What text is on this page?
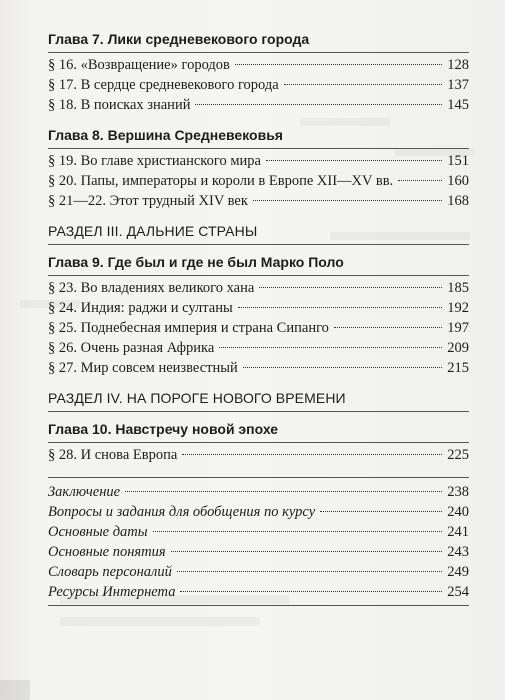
Глава 7. Лики средневекового города
§ 16. «Возвращение» городов	128
§ 17. В сердце средневекового города	137
§ 18. В поисках знаний	145
Глава 8. Вершина Средневековья
§ 19. Во главе христианского мира	151
§ 20. Папы, императоры и короли в Европе XII—XV вв.	160
§ 21—22. Этот трудный XIV век	168
РАЗДЕЛ III. ДАЛЬНИЕ СТРАНЫ
Глава 9. Где был и где не был Марко Поло
§ 23. Во владениях великого хана	185
§ 24. Индия: раджи и султаны	192
§ 25. Поднебесная империя и страна Сипанго	197
§ 26. Очень разная Африка	209
§ 27. Мир совсем неизвестный	215
РАЗДЕЛ IV. НА ПОРОГЕ НОВОГО ВРЕМЕНИ
Глава 10. Навстречу новой эпохе
§ 28. И снова Европа	225
Заключение	238
Вопросы и задания для обобщения по курсу	240
Основные даты	241
Основные понятия	243
Словарь персоналий	249
Ресурсы Интернета	254
